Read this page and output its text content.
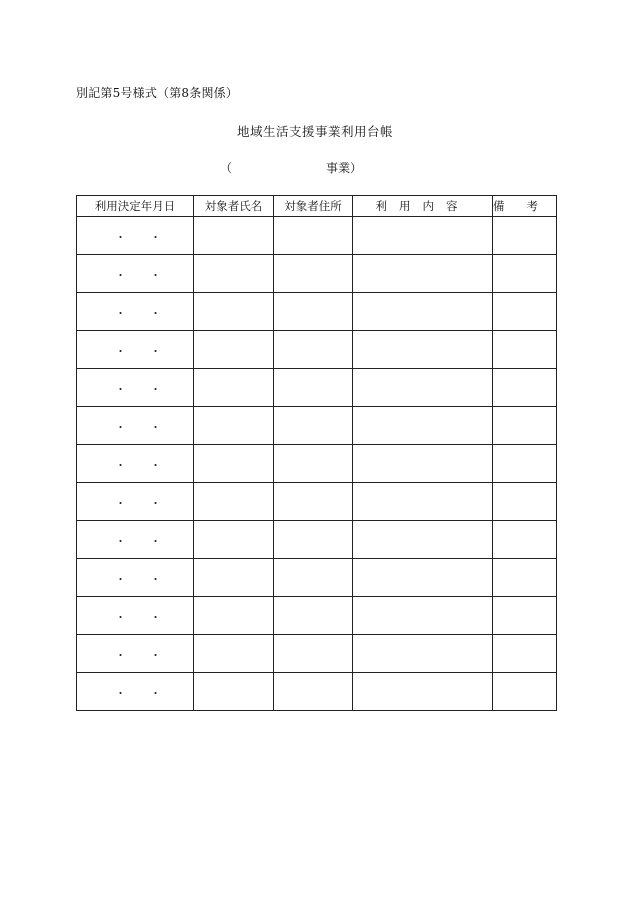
別記第5号様式（第8条関係）
地域生活支援事業利用台帳
（	事業）
利用決定年月日	対象者氏名	対象者住所	利用内容	備考

・ ・				

・ ・				

・ ・				

・ ・				

・ ・				

・ ・				

・ ・				

・ ・				

・ ・				

・ ・				

・ ・				

・ ・				

・ ・				
